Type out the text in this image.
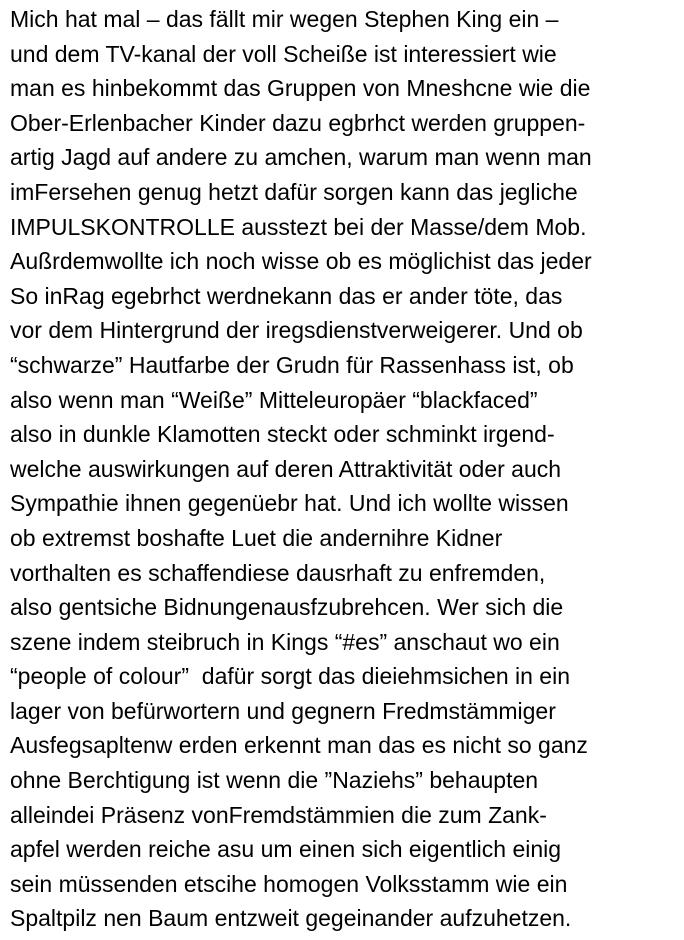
Mich hat mal – das fällt mir wegen Stephen King ein –
und dem TV-kanal der voll Scheiße ist interessiert wie
man es hinbekommt das Gruppen von Mneshcne wie die
Ober-Erlenbacher Kinder dazu egbrhct werden gruppen-
artig Jagd auf andere zu amchen, warum man wenn man
imFersehen genug hetzt dafür sorgen kann das jegliche
IMPULSKONTROLLE ausstezt bei der Masse/dem Mob.
Außrdemwollte ich noch wisse ob es möglichist das jeder
So inRag egebrhct werdnekann das er ander töte, das
vor dem Hintergrund der iregsdienstverweigerer. Und ob
“schwarze” Hautfarbe der Grudn für Rassenhass ist, ob
also wenn man “Weiße” Mitteleuropäer “blackfaced”
also in dunkle Klamotten steckt oder schminkt irgend-
welche auswirkungen auf deren Attraktivität oder auch
Sympathie ihnen gegenüebr hat. Und ich wollte wissen
ob extremst boshafte Luet die andernihre Kidner
vorthalten es schaffendiese dausrhaft zu enfremden,
also gentsiche Bidnungenausfzubrehcen. Wer sich die
szene indem steibruch in Kings “#es” anschaut wo ein
“people of colour”  dafür sorgt das dieiehmsichen in ein
lager von befürwortern und gegnern Fredmstämmiger
Ausfegsapltenw erden erkennt man das es nicht so ganz
ohne Berchtigung ist wenn die ”Naziehs” behaupten
alleindei Präsenz vonFremdstämmien die zum Zank-
apfel werden reiche asu um einen sich eigentlich einig
sein müssenden etscihe homogen Volksstamm wie ein
Spaltpilz nen Baum entzweit gegeinander aufzuhetzen.
